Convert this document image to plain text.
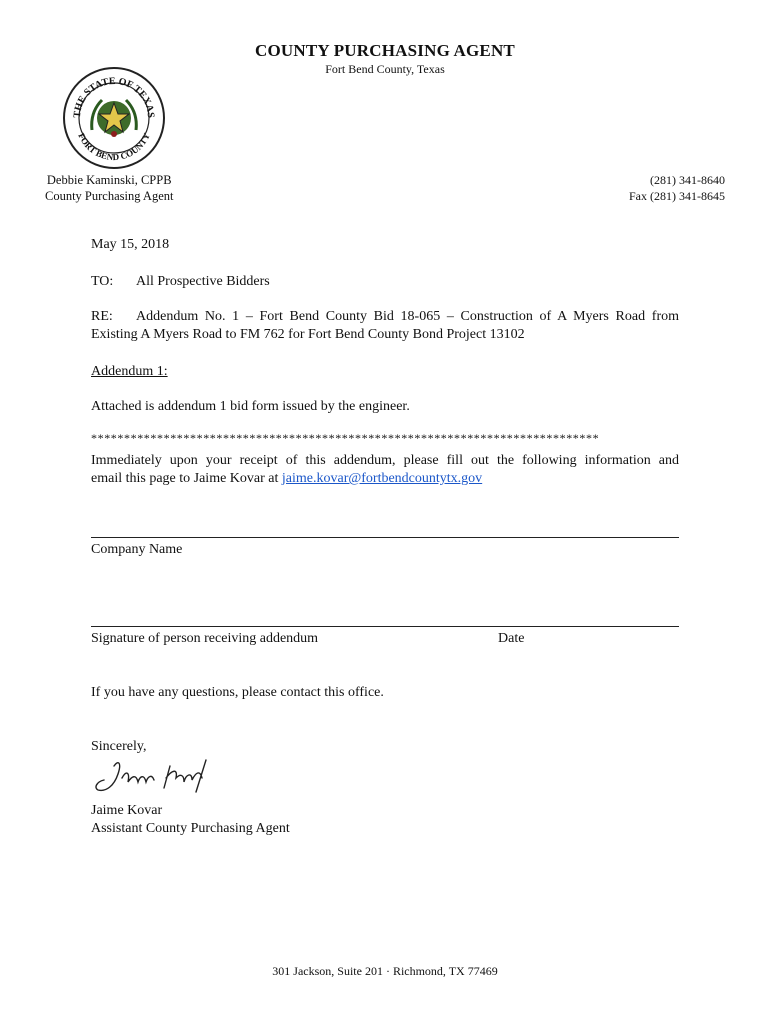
COUNTY PURCHASING AGENT
Fort Bend County, Texas
THE STATE OF TEXAS
FORT BEND COUNTY
Debbie Kaminski, CPPB
County Purchasing Agent
(281) 341-8640
Fax (281) 341-8645
May 15, 2018
TO: All Prospective Bidders
RE: Addendum No. 1 – Fort Bend County Bid 18-065 – Construction of A Myers Road from
Existing A Myers Road to FM 762 for Fort Bend County Bond Project 13102
Addendum 1:
Attached is addendum 1 bid form issued by the engineer.
*****************************************************************************
Immediately upon your receipt of this addendum, please fill out the following information and
email this page to Jaime Kovar at jaime.kovar@fortbendcountytx.gov
Company Name
Signature of person receiving addendum	Date
If you have any questions, please contact this office.
Sincerely,
Jaime Kovar
Assistant County Purchasing Agent
301 Jackson, Suite 201 · Richmond, TX 77469
